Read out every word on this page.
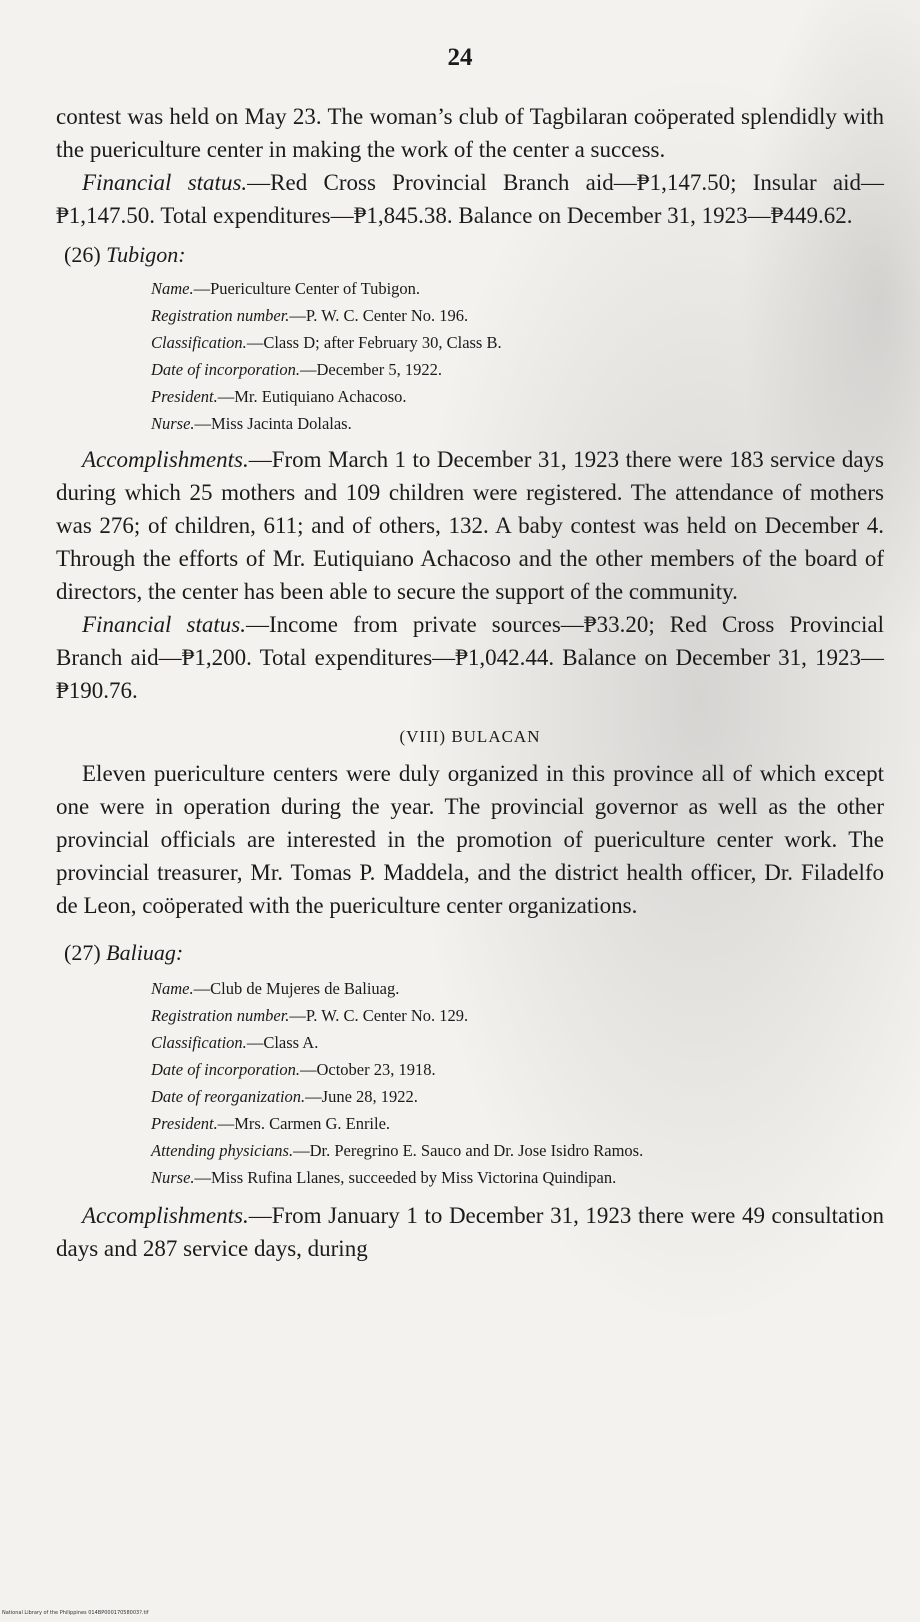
24

contest was held on May 23. The woman’s club of Tagbilaran coöperated splendidly with the puericulture center in making the work of the center a success.

Financial status.—Red Cross Provincial Branch aid—₱1,147.50; Insular aid—₱1,147.50. Total expenditures—₱1,845.38. Balance on December 31, 1923—₱449.62.

(26) Tubigon:

Name.—Puericulture Center of Tubigon.
Registration number.—P. W. C. Center No. 196.
Classification.—Class D; after February 30, Class B.
Date of incorporation.—December 5, 1922.
President.—Mr. Eutiquiano Achacoso.
Nurse.—Miss Jacinta Dolalas.

Accomplishments.—From March 1 to December 31, 1923 there were 183 service days during which 25 mothers and 109 children were registered. The attendance of mothers was 276; of children, 611; and of others, 132. A baby contest was held on December 4. Through the efforts of Mr. Eutiquiano Achacoso and the other members of the board of directors, the center has been able to secure the support of the community.

Financial status.—Income from private sources—₱33.20; Red Cross Provincial Branch aid—₱1,200. Total expenditures—₱1,042.44. Balance on December 31, 1923—₱190.76.

(VIII) BULACAN

Eleven puericulture centers were duly organized in this province all of which except one were in operation during the year. The provincial governor as well as the other provincial officials are interested in the promotion of puericulture center work. The provincial treasurer, Mr. Tomas P. Maddela, and the district health officer, Dr. Filadelfo de Leon, coöperated with the puericulture center organizations.

(27) Baliuag:

Name.—Club de Mujeres de Baliuag.
Registration number.—P. W. C. Center No. 129.
Classification.—Class A.
Date of incorporation.—October 23, 1918.
Date of reorganization.—June 28, 1922.
President.—Mrs. Carmen G. Enrile.
Attending physicians.—Dr. Peregrino E. Sauco and Dr. Jose Isidro Ramos.
Nurse.—Miss Rufina Llanes, succeeded by Miss Victorina Quindipan.

Accomplishments.—From January 1 to December 31, 1923 there were 49 consultation days and 287 service days, during

National Library of the Philippines 014BP00017058003?.tif
